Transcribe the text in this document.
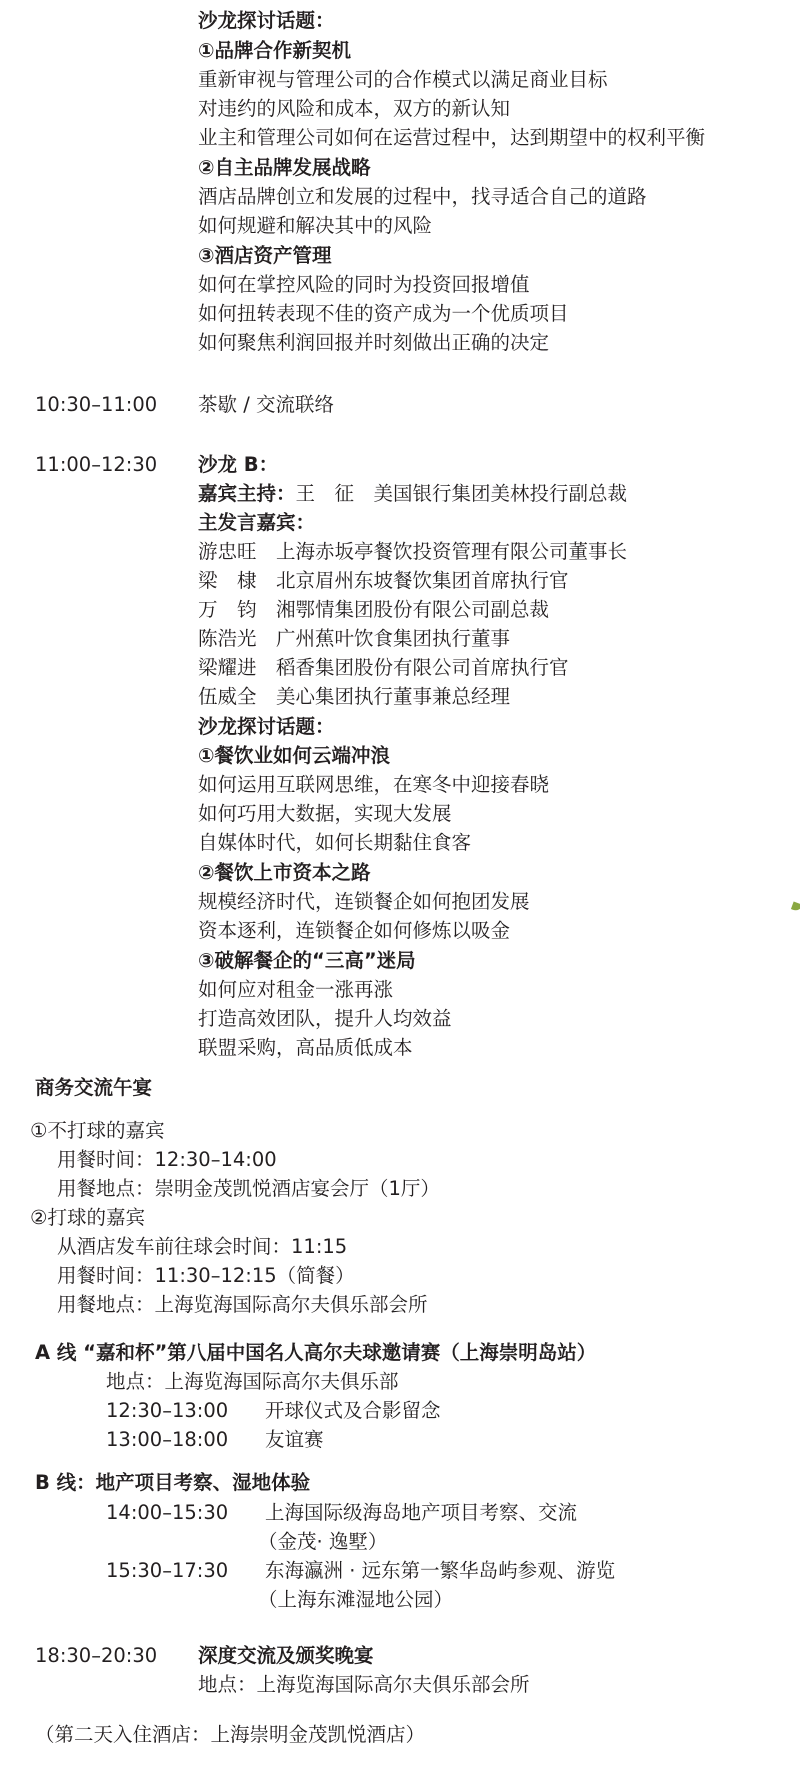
沙龙探讨话题：
①品牌合作新契机
重新审视与管理公司的合作模式以满足商业目标
对违约的风险和成本，双方的新认知
业主和管理公司如何在运营过程中，达到期望中的权利平衡
②自主品牌发展战略
酒店品牌创立和发展的过程中，找寻适合自己的道路
如何规避和解决其中的风险
③酒店资产管理
如何在掌控风险的同时为投资回报增值
如何扭转表现不佳的资产成为一个优质项目
如何聚焦利润回报并时刻做出正确的决定
10:30–11:00 茶歇 / 交流联络
11:00–12:30 沙龙 B：
嘉宾主持：王　征　美国银行集团美林投行副总裁
主发言嘉宾：
游忠旺　上海赤坂亭餐饮投资管理有限公司董事长
梁　棣　北京眉州东坡餐饮集团首席执行官
万　钧　湘鄂情集团股份有限公司副总裁
陈浩光　广州蕉叶饮食集团执行董事
梁耀进　稻香集团股份有限公司首席执行官
伍威全　美心集团执行董事兼总经理
沙龙探讨话题：
①餐饮业如何云端冲浪
如何运用互联网思维，在寒冬中迎接春晓
如何巧用大数据，实现大发展
自媒体时代，如何长期黏住食客
②餐饮上市资本之路
规模经济时代，连锁餐企如何抱团发展
资本逐利，连锁餐企如何修炼以吸金
③破解餐企的“三高”迷局
如何应对租金一涨再涨
打造高效团队，提升人均效益
联盟采购，高品质低成本
商务交流午宴
①不打球的嘉宾
用餐时间：12:30–14:00
用餐地点：崇明金茂凯悦酒店宴会厅（1厅）
②打球的嘉宾
从酒店发车前往球会时间：11:15
用餐时间：11:30–12:15（简餐）
用餐地点：上海览海国际高尔夫俱乐部会所
A 线 “嘉和杯”第八届中国名人高尔夫球邀请赛（上海崇明岛站）
地点：上海览海国际高尔夫俱乐部
12:30–13:00 开球仪式及合影留念
13:00–18:00 友谊赛
B 线：地产项目考察、湿地体验
14:00–15:30 上海国际级海岛地产项目考察、交流
（金茂· 逸墅）
15:30–17:30 东海瀛洲 · 远东第一繁华岛屿参观、游览
（上海东滩湿地公园）
18:30–20:30 深度交流及颁奖晚宴
地点：上海览海国际高尔夫俱乐部会所
（第二天入住酒店：上海崇明金茂凯悦酒店）
